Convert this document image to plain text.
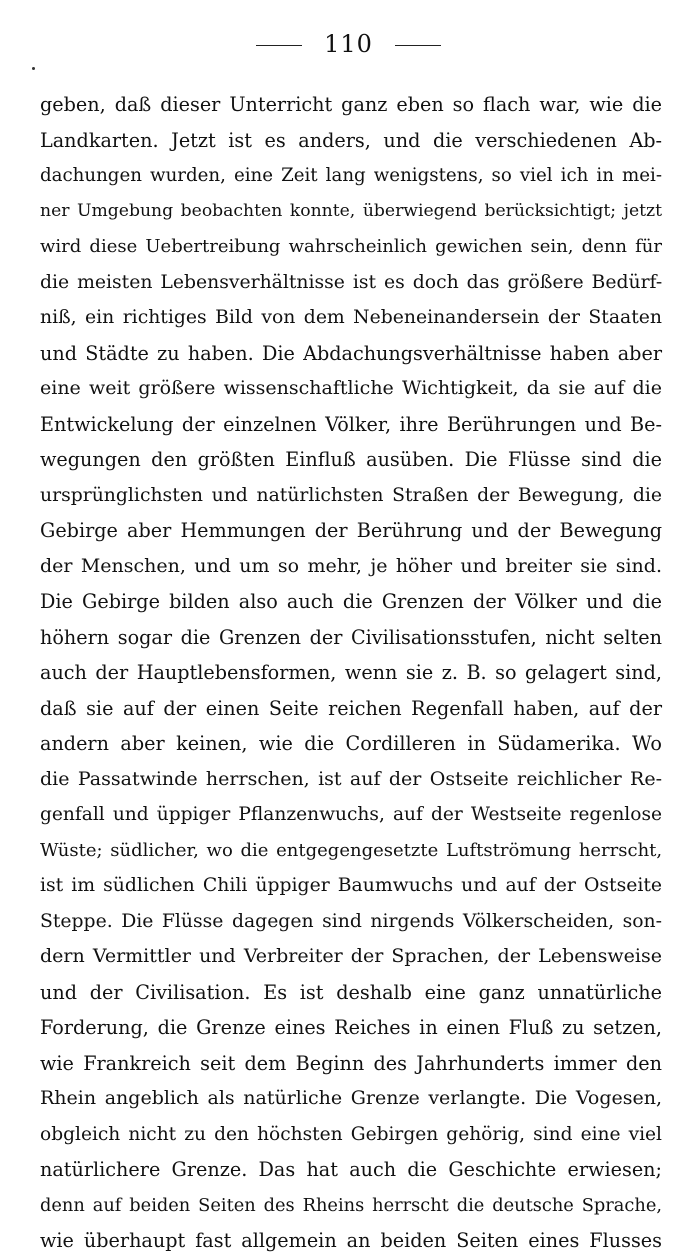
110
geben, daß dieser Unterricht ganz eben so flach war, wie die
Landkarten. Jetzt ist es anders, und die verschiedenen Ab-
dachungen wurden, eine Zeit lang wenigstens, so viel ich in mei-
ner Umgebung beobachten konnte, überwiegend berücksichtigt; jetzt
wird diese Uebertreibung wahrscheinlich gewichen sein, denn für
die meisten Lebensverhältnisse ist es doch das größere Bedürf-
niß, ein richtiges Bild von dem Nebeneinandersein der Staaten
und Städte zu haben. Die Abdachungsverhältnisse haben aber
eine weit größere wissenschaftliche Wichtigkeit, da sie auf die
Entwickelung der einzelnen Völker, ihre Berührungen und Be-
wegungen den größten Einfluß ausüben. Die Flüsse sind die
ursprünglichsten und natürlichsten Straßen der Bewegung, die
Gebirge aber Hemmungen der Berührung und der Bewegung
der Menschen, und um so mehr, je höher und breiter sie sind.
Die Gebirge bilden also auch die Grenzen der Völker und die
höhern sogar die Grenzen der Civilisationsstufen, nicht selten
auch der Hauptlebensformen, wenn sie z. B. so gelagert sind,
daß sie auf der einen Seite reichen Regenfall haben, auf der
andern aber keinen, wie die Cordilleren in Südamerika. Wo
die Passatwinde herrschen, ist auf der Ostseite reichlicher Re-
genfall und üppiger Pflanzenwuchs, auf der Westseite regenlose
Wüste; südlicher, wo die entgegengesetzte Luftströmung herrscht,
ist im südlichen Chili üppiger Baumwuchs und auf der Ostseite
Steppe. Die Flüsse dagegen sind nirgends Völkerscheiden, son-
dern Vermittler und Verbreiter der Sprachen, der Lebensweise
und der Civilisation. Es ist deshalb eine ganz unnatürliche
Forderung, die Grenze eines Reiches in einen Fluß zu setzen,
wie Frankreich seit dem Beginn des Jahrhunderts immer den
Rhein angeblich als natürliche Grenze verlangte. Die Vogesen,
obgleich nicht zu den höchsten Gebirgen gehörig, sind eine viel
natürlichere Grenze. Das hat auch die Geschichte erwiesen;
denn auf beiden Seiten des Rheins herrscht die deutsche Sprache,
wie überhaupt fast allgemein an beiden Seiten eines Flusses
